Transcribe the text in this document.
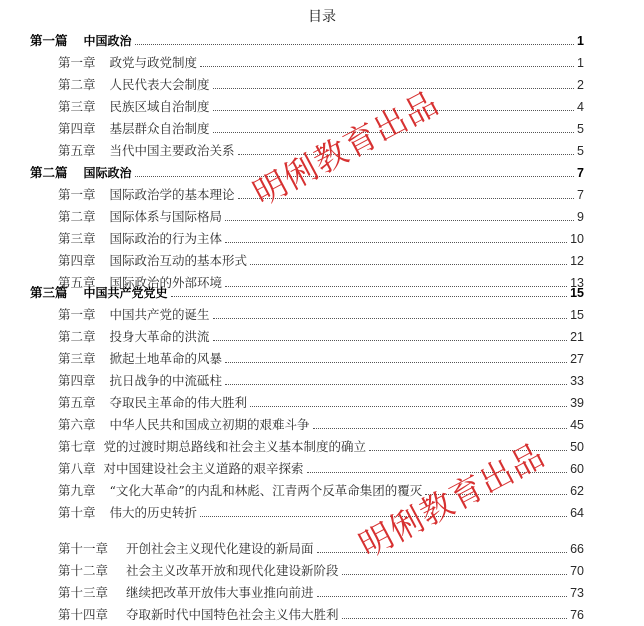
目录
第一篇 中国政治	1
第一章 政党与政党制度	1
第二章 人民代表大会制度	2
第三章 民族区域自治制度	4
第四章 基层群众自治制度	5
第五章 当代中国主要政治关系	5
第二篇 国际政治	7
第一章 国际政治学的基本理论	7
第二章 国际体系与国际格局	9
第三章 国际政治的行为主体	10
第四章 国际政治互动的基本形式	12
第五章 国际政治的外部环境	13
第三篇 中国共产党党史	15
第一章 中国共产党的诞生	15
第二章 投身大革命的洪流	21
第三章 掀起土地革命的风暴	27
第四章 抗日战争的中流砥柱	33
第五章 夺取民主革命的伟大胜利	39
第六章 中华人民共和国成立初期的艰难斗争	45
第七章 党的过渡时期总路线和社会主义基本制度的确立	50
第八章 对中国建设社会主义道路的艰辛探索	60
第九章 “文化大革命”的内乱和林彪、江青两个反革命集团的覆灭	62
第十章 伟大的历史转折	64
第十一章 开创社会主义现代化建设的新局面	66
第十二章 社会主义改革开放和现代化建设新阶段	70
第十三章 继续把改革开放伟大事业推向前进	73
第十四章 夺取新时代中国特色社会主义伟大胜利	76
明俐教育出品
明俐教育出品
